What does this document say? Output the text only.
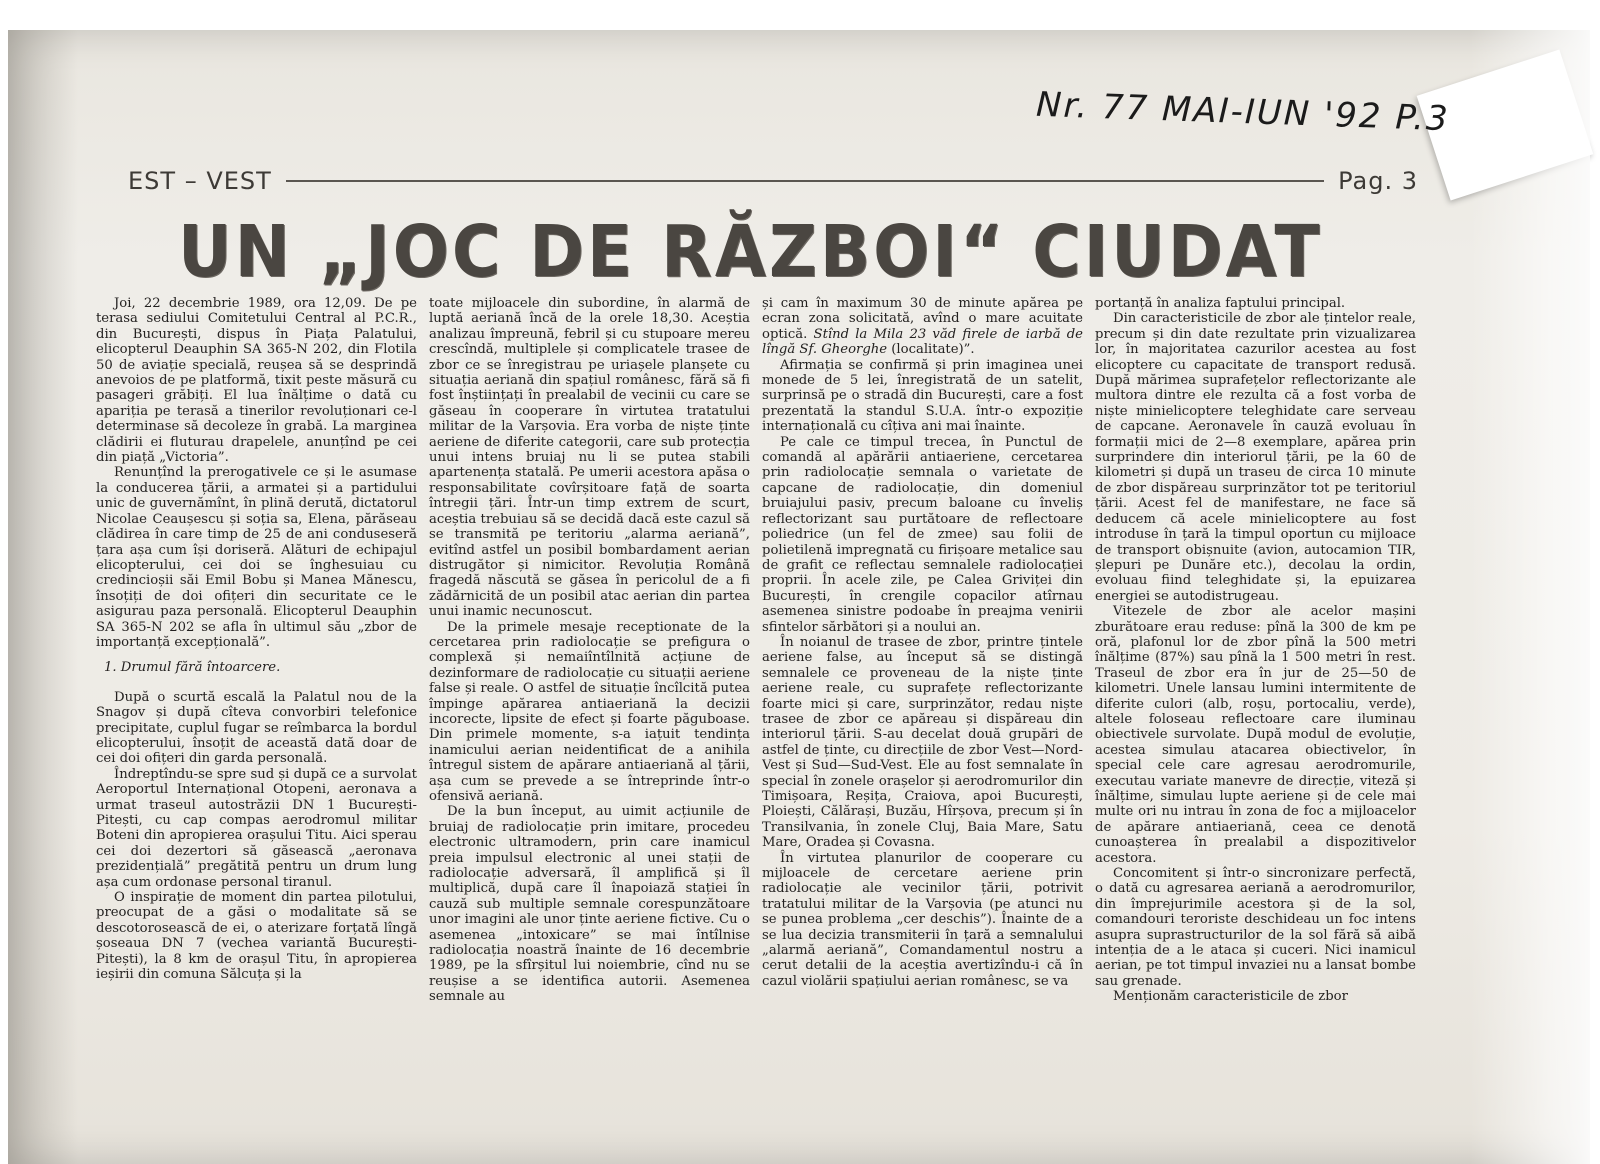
Nr. 77 MAI-IUN '92 P.3
EST – VEST	Pag. 3
UN „JOC DE RĂZBOI“ CIUDAT

Joi, 22 decembrie 1989, ora 12,09. De pe terasa sediului Comitetului Central al P.C.R., din București, dispus în Piața Palatului, elicopterul Deauphin SA 365-N 202, din Flotila 50 de aviație specială, reușea să se desprindă anevoios de pe platformă, tixit peste măsură cu pasageri grăbiți. El lua înălțime o dată cu apariția pe terasă a tinerilor revoluționari ce-l determinase să decoleze în grabă. La marginea clădirii ei fluturau drapelele, anunțînd pe cei din piață „Victoria”.

Renunțînd la prerogativele ce și le asumase la conducerea țării, a armatei și a partidului unic de guvernămînt, în plină derută, dictatorul Nicolae Ceaușescu și soția sa, Elena, părăseau clădirea în care timp de 25 de ani conduseseră țara așa cum își doriseră. Alături de echipajul elicopterului, cei doi se înghesuiau cu credincioșii săi Emil Bobu și Manea Mănescu, însoțiți de doi ofițeri din securitate ce le asigurau paza personală. Elicopterul Deauphin SA 365-N 202 se afla în ultimul său „zbor de importanță excepțională”.

1. Drumul fără întoarcere.

După o scurtă escală la Palatul nou de la Snagov și după cîteva convorbiri telefonice precipitate, cuplul fugar se reîmbarca la bordul elicopterului, însoțit de această dată doar de cei doi ofițeri din garda personală.

Îndreptîndu-se spre sud și după ce a survolat Aeroportul Internațional Otopeni, aeronava a urmat traseul autostrăzii DN 1 București-Pitești, cu cap compas aerodromul militar Boteni din apropierea orașului Titu. Aici sperau cei doi dezertori să găsească „aeronava prezidențială” pregătită pentru un drum lung așa cum ordonase personal tiranul.

O inspirație de moment din partea pilotului, preocupat de a găsi o modalitate să se descotorosească de ei, o aterizare forțată lîngă șoseaua DN 7 (vechea variantă București-Pitești), la 8 km de orașul Titu, în apropierea ieșirii din comuna Sălcuța și la

toate mijloacele din subordine, în alarmă de luptă aeriană încă de la orele 18,30. Aceștia analizau împreună, febril și cu stupoare mereu crescîndă, multiplele și complicatele trasee de zbor ce se înregistrau pe uriașele planșete cu situația aeriană din spațiul românesc, fără să fi fost înștiințați în prealabil de vecinii cu care se găseau în cooperare în virtutea tratatului militar de la Varșovia. Era vorba de niște ținte aeriene de diferite categorii, care sub protecția unui intens bruiaj nu li se putea stabili apartenența statală. Pe umerii acestora apăsa o responsabilitate covîrșitoare față de soarta întregii țări. Într-un timp extrem de scurt, aceștia trebuiau să se decidă dacă este cazul să se transmită pe teritoriu „alarma aeriană”, evitînd astfel un posibil bombardament aerian distrugător și nimicitor. Revoluția Română fragedă născută se găsea în pericolul de a fi zădărnicită de un posibil atac aerian din partea unui inamic necunoscut.

De la primele mesaje receptionate de la cercetarea prin radiolocație se prefigura o complexă și nemaiîntîlnită acțiune de dezinformare de radiolocație cu situații aeriene false și reale. O astfel de situație încîlcită putea împinge apărarea antiaeriană la decizii incorecte, lipsite de efect și foarte păguboase. Din primele momente, s-a iațuit tendința inamicului aerian neidentificat de a anihila întregul sistem de apărare antiaeriană al țării, așa cum se prevede a se întreprinde într-o ofensivă aeriană.

De la bun început, au uimit acțiunile de bruiaj de radiolocație prin imitare, procedeu electronic ultramodern, prin care inamicul preia impulsul electronic al unei stații de radiolocație adversară, îl amplifică și îl multiplică, după care îl înapoiază stației în cauză sub multiple semnale corespunzătoare unor imagini ale unor ținte aeriene fictive. Cu o asemenea „intoxicare” se mai întîlnise radiolocația noastră înainte de 16 decembrie 1989, pe la sfîrșitul lui noiembrie, cînd nu se reușise a se identifica autorii. Asemenea semnale au

și cam în maximum 30 de minute apărea pe ecran zona solicitată, avînd o mare acuitate optică. Stînd la Mila 23 văd firele de iarbă de lîngă Sf. Gheorghe (localitate)”.

Afirmația se confirmă și prin imaginea unei monede de 5 lei, înregistrată de un satelit, surprinsă pe o stradă din București, care a fost prezentată la standul S.U.A. într-o expoziție internațională cu cîțiva ani mai înainte.

Pe cale ce timpul trecea, în Punctul de comandă al apărării antiaeriene, cercetarea prin radiolocație semnala o varietate de capcane de radiolocație, din domeniul bruiajului pasiv, precum baloane cu înveliș reflectorizant sau purtătoare de reflectoare poliedrice (un fel de zmee) sau folii de polietilenă impregnată cu firișoare metalice sau de grafit ce reflectau semnalele radiolocației proprii. În acele zile, pe Calea Griviței din București, în crengile copacilor atîrnau asemenea sinistre podoabe în preajma venirii sfintelor sărbători și a noului an.

În noianul de trasee de zbor, printre țintele aeriene false, au început să se distingă semnalele ce proveneau de la niște ținte aeriene reale, cu suprafețe reflectorizante foarte mici și care, surprinzător, redau niște trasee de zbor ce apăreau și dispăreau din interiorul țării. S-au decelat două grupări de astfel de ținte, cu direcțiile de zbor Vest—Nord-Vest și Sud—Sud-Vest. Ele au fost semnalate în special în zonele orașelor și aerodromurilor din Timișoara, Reșița, Craiova, apoi București, Ploiești, Călărași, Buzău, Hîrșova, precum și în Transilvania, în zonele Cluj, Baia Mare, Satu Mare, Oradea și Covasna.

În virtutea planurilor de cooperare cu mijloacele de cercetare aeriene prin radiolocație ale vecinilor țării, potrivit tratatului militar de la Varșovia (pe atunci nu se punea problema „cer deschis”). Înainte de a se lua decizia transmiterii în țară a semnalului „alarmă aeriană”, Comandamentul nostru a cerut detalii de la aceștia avertizîndu-i că în cazul violării spațiului aerian românesc, se va

portanță în analiza faptului principal.

Din caracteristicile de zbor ale țintelor reale, precum și din date rezultate prin vizualizarea lor, în majoritatea cazurilor acestea au fost elicoptere cu capacitate de transport redusă. După mărimea suprafețelor reflectorizante ale multora dintre ele rezulta că a fost vorba de niște minielicoptere teleghidate care serveau de capcane. Aeronavele în cauză evoluau în formații mici de 2—8 exemplare, apărea prin surprindere din interiorul țării, pe la 60 de kilometri și după un traseu de circa 10 minute de zbor dispăreau surprinzător tot pe teritoriul țării. Acest fel de manifestare, ne face să deducem că acele minielicoptere au fost introduse în țară la timpul oportun cu mijloace de transport obișnuite (avion, autocamion TIR, șlepuri pe Dunăre etc.), decolau la ordin, evoluau fiind teleghidate și, la epuizarea energiei se autodistrugeau.

Vitezele de zbor ale acelor mașini zburătoare erau reduse: pînă la 300 de km pe oră, plafonul lor de zbor pînă la 500 metri înălțime (87%) sau pînă la 1 500 metri în rest. Traseul de zbor era în jur de 25—50 de kilometri. Unele lansau lumini intermitente de diferite culori (alb, roșu, portocaliu, verde), altele foloseau reflectoare care iluminau obiectivele survolate. După modul de evoluție, acestea simulau atacarea obiectivelor, în special cele care agresau aerodromurile, executau variate manevre de direcție, viteză și înălțime, simulau lupte aeriene și de cele mai multe ori nu intrau în zona de foc a mijloacelor de apărare antiaeriană, ceea ce denotă cunoașterea în prealabil a dispozitivelor acestora.

Concomitent și într-o sincronizare perfectă, o dată cu agresarea aeriană a aerodromurilor, din împrejurimile acestora și de la sol, comandouri teroriste deschideau un foc intens asupra suprastructurilor de la sol fără să aibă intenția de a le ataca și cuceri. Nici inamicul aerian, pe tot timpul invaziei nu a lansat bombe sau grenade.

Menționăm caracteristicile de zbor
